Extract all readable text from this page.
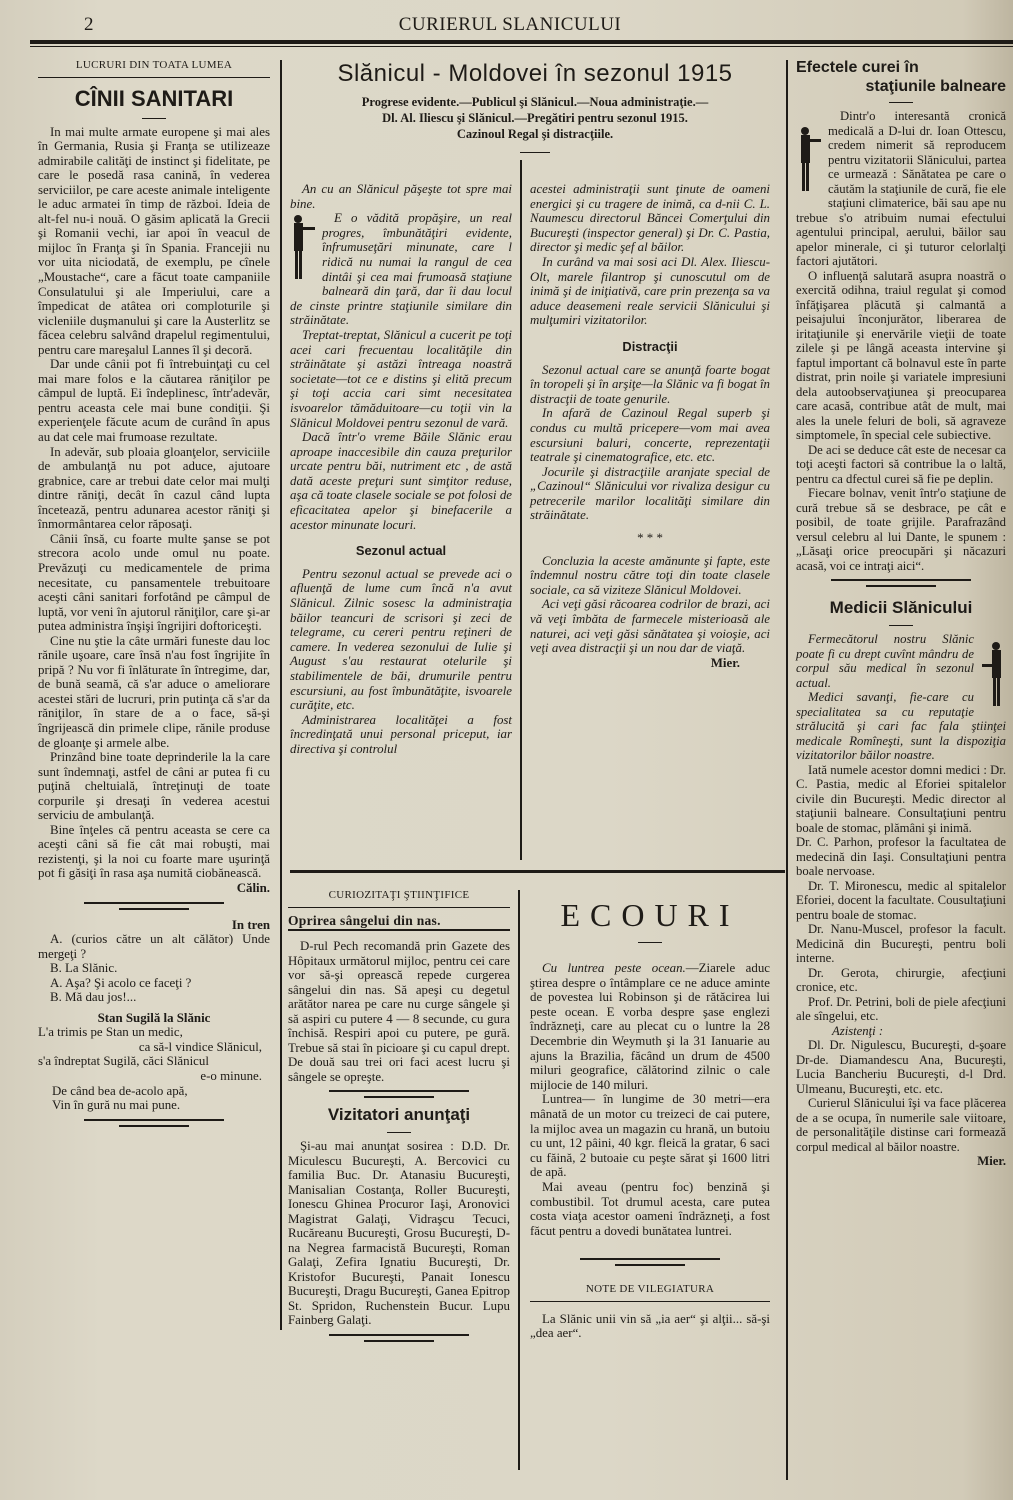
2	CURIERUL SLANICULUI
LUCRURI DIN TOATA LUMEA
CÎNII SANITARI

In mai multe armate europene şi mai ales în Germania, Rusia şi Franţa se utilizeaze admirabile calităţi de instinct şi fidelitate, pe care le posedă rasa canină, în vederea serviciilor, pe care aceste animale inteligente le aduc armatei în timp de război. Ideia de alt-fel nu-i nouă. O găsim aplicată la Grecii şi Romanii vechi, iar apoi în veacul de mijloc în Franţa şi în Spania. Francejii nu vor uita niciodată, de exemplu, pe cînele „Moustache“, care a făcut toate campaniile Consulatului şi ale Imperiului, care a împedicat de atâtea ori comploturile şi vicleniile duşmanului şi care la Austerlitz se făcea celebru salvând drapelul regimentului, pentru care mareşalul Lannes îl şi decoră.

Dar unde cânii pot fi întrebuinţaţi cu cel mai mare folos e la căutarea răniţilor pe câmpul de luptă. Ei îndeplinesc, într'adevăr, pentru aceasta cele mai bune condiţii. Şi experienţele făcute acum de curând în apus au dat cele mai frumoase rezultate.

In adevăr, sub ploaia gloanţelor, serviciile de ambulanţă nu pot aduce, ajutoare grabnice, care ar trebui date celor mai mulţi dintre răniţi, decât în cazul când lupta încetează, pentru adunarea acestor răniţi şi înmormântarea celor răposaţi.

Cânii însă, cu foarte multe şanse se pot strecora acolo unde omul nu poate. Prevăzuţi cu medicamentele de prima necesitate, cu pansamentele trebuitoare aceşti câni sanitari forfotând pe câmpul de luptă, vor veni în ajutorul răniţilor, care şi-ar putea administra înşişi îngrijiri doftoriceşti.

Cine nu ştie la câte urmări funeste dau loc rănile uşoare, care însă n'au fost îngrijite în pripă ? Nu vor fi înlăturate în întregime, dar, de bună seamă, că s'ar aduce o ameliorare acestei stări de lucruri, prin putinţa că s'ar da răniţilor, în stare de a o face, să-şi îngrijească din primele clipe, rănile produse de gloanţe şi armele albe.

Prinzând bine toate deprinderile la la care sunt îndemnaţi, astfel de câni ar putea fi cu puţină cheltuială, întreţinuţi de toate corpurile şi dresaţi în vederea acestui serviciu de ambulanţă.

Bine înţeles că pentru aceasta se cere ca aceşti câni să fie cât mai robuşti, mai rezistenţi, şi la noi cu foarte mare uşurinţă pot fi găsiţi în rasa aşa numită ciobănească.

Călin.
In tren

A. (curios către un alt călător) Unde mergeţi ?

B. La Slănic.

A. Aşa? Şi acolo ce faceţi ?

B. Mă dau jos!...

Stan Sugilă la Slănic
L'a trimis pe Stan un medic,
ca să-l vindice Slănicul,
s'a îndreptat Sugilă, căci Slănicul
e-o minune.
De când bea de-acolo apă,
Vin în gură nu mai pune.
Slănicul - Moldovei în sezonul 1915
Progrese evidente.—Publicul şi Slănicul.—Noua administraţie.—
Dl. Al. Iliescu şi Slănicul.—Pregătiri pentru sezonul 1915.
Cazinoul Regal şi distracţiile.

An cu an Slănicul păşeşte tot spre mai bine.

E o vădită propăşire, un real progres, îmbunătăţiri evidente, înfrumuseţări minunate, care l ridică nu numai la rangul de cea dintâi şi cea mai frumoasă staţiune balneară din ţară, dar îi dau locul de cinste printre staţiunile similare din străinătate.

Treptat-treptat, Slănicul a cucerit pe toţi acei cari frecuentau localităţile din străinătate şi astăzi întreaga noastră societate—tot ce e distins şi elită precum şi toţi accia cari simt necesitatea isvoarelor tămăduitoare—cu toţii vin la Slănicul Moldovei pentru sezonul de vară.

Dacă într'o vreme Băile Slănic erau aproape inaccesibile din cauza preţurilor urcate pentru băi, nutriment etc , de astă dată aceste preţuri sunt simţitor reduse, aşa că toate clasele sociale se pot folosi de eficacitatea apelor şi binefacerile a acestor minunate locuri.

Sezonul actual

Pentru sezonul actual se prevede aci o afluenţă de lume cum încă n'a avut Slănicul. Zilnic sosesc la administraţia băilor teancuri de scrisori şi zeci de telegrame, cu cereri pentru reţineri de camere. In vederea sezonului de Iulie şi August s'au restaurat otelurile şi stabilimentele de băi, drumurile pentru escursiuni, au fost îmbunătăţite, isvoarele curăţite, etc.

Administrarea localităţei a fost încredinţată unui personal priceput, iar directiva şi controlul

acestei administraţii sunt ţinute de oameni energici şi cu tragere de inimă, ca d-nii C. L. Naumescu directorul Băncei Comerţului din Bucureşti (inspector general) şi Dr. C. Pastia, director şi medic şef al băilor.

In curând va mai sosi aci Dl. Alex. Iliescu-Olt, marele filantrop şi cunoscutul om de inimă şi de iniţiativă, care prin prezenţa sa va aduce deasemeni reale servicii Slănicului şi mulţumiri vizitatorilor.

Distracţii

Sezonul actual care se anunţă foarte bogat în toropeli şi în arşiţe—la Slănic va fi bogat în distracţii de toate genurile.

In afară de Cazinoul Regal superb şi condus cu multă pricepere—vom mai avea escursiuni baluri, concerte, reprezentaţii teatrale şi cinematografice, etc. etc.

Jocurile şi distracţiile aranjate special de „Cazinoul“ Slănicului vor rivaliza desigur cu petrecerile marilor localităţi similare din străinătate.

* * *

Concluzia la aceste amănunte şi fapte, este îndemnul nostru către toţi din toate clasele sociale, ca să viziteze Slănicul Moldovei.

Aci veţi găsi răcoarea codrilor de brazi, aci vă veţi îmbăta de farmecele misterioasă ale naturei, aci veţi găsi sănătatea şi voioşie, aci veţi avea distracţii şi un nou dar de viaţă.

Mier.
CURIOZITAŢI ŞTIINŢIFICE
Oprirea sângelui din nas.

D-rul Pech recomandă prin Gazete des Hôpitaux următorul mijloc, pentru cei care vor să-şi oprească repede curgerea sângelui din nas. Să apeşi cu degetul arătător narea pe care nu curge sângele şi să aspiri cu putere 4 — 8 secunde, cu gura închisă. Respiri apoi cu putere, pe gură. Trebue să stai în picioare şi cu capul drept. De două sau trei ori faci acest lucru şi sângele se opreşte.

Vizitatori anunţaţi

Şi-au mai anunţat sosirea : D.D. Dr. Miculescu Bucureşti, A. Bercovici cu familia Buc. Dr. Atanasiu Bucureşti, Manisalian Costanţa, Roller Bucureşti, Ionescu Ghinea Procuror Iaşi, Aronovici Magistrat Galaţi, Vidraşcu Tecuci, Rucăreanu Bucureşti, Grosu Bucureşti, D-na Negrea farmacistă Bucureşti, Roman Galaţi, Zefira Ignatiu Bucureşti, Dr. Kristofor Bucureşti, Panait Ionescu Bucureşti, Dragu Bucureşti, Ganea Epitrop St. Spridon, Ruchenstein Bucur. Lupu Fainberg Galaţi.

ECOURI

Cu luntrea peste ocean.—Ziarele aduc ştirea despre o întâmplare ce ne aduce aminte de povestea lui Robinson şi de rătăcirea lui peste ocean. E vorba despre şase englezi îndrăzneţi, care au plecat cu o luntre la 28 Decembrie din Weymuth şi la 31 Ianuarie au ajuns la Brazilia, făcând un drum de 4500 miluri geografice, călătorind zilnic o cale mijlocie de 140 miluri.

Luntrea— în lungime de 30 metri—era mânată de un motor cu treizeci de cai putere, la mijloc avea un magazin cu hrană, un butoiu cu unt, 12 pâini, 40 kgr. fleică la gratar, 6 saci cu făină, 2 butoaie cu peşte sărat şi 1600 litri de apă.

Mai aveau (pentru foc) benzină şi combustibil. Tot drumul acesta, care putea costa viaţa acestor oameni îndrăzneţi, a fost făcut pentru a dovedi bunătatea luntrei.

NOTE DE VILEGIATURA

La Slănic unii vin să „ia aer“ şi alţii... să-şi „dea aer“.

Efectele curei în
staţiunile balneare

Dintr'o interesantă cronică medicală a D-lui dr. Ioan Ottescu, credem nimerit să reproducem pentru vizitatorii Slănicului, partea ce urmează : Sănătatea pe care o căutăm la staţiunile de cură, fie ele staţiuni climaterice, băi sau ape nu trebue s'o atribuim numai efectului agentului principal, aerului, băilor sau apelor minerale, ci şi tuturor celorlalţi factori ajutători.

O influenţă salutară asupra noastră o exercită odihna, traiul regulat şi comod înfăţişarea plăcută şi calmantă a peisajului înconjurător, liberarea de iritaţiunile şi enervările vieţii de toate zilele şi pe lângă aceasta intervine şi faptul important că bolnavul este în parte distrat, prin noile şi variatele impresiuni dela autoobservaţiunea şi preocuparea care acasă, contribue atât de mult, mai ales la unele feluri de boli, să agraveze simptomele, în special cele subiective.

De aci se deduce cât este de necesar ca toţi aceşti factori să contribue la o laltă, pentru ca dfectul curei să fie pe deplin.

Fiecare bolnav, venit într'o staţiune de cură trebue să se desbrace, pe cât e posibil, de toate grijile. Parafrazând versul celebru al lui Dante, le spunem : „Lăsaţi orice preocupări şi năcazuri acasă, voi ce intraţi aici“.

Medicii Slănicului

Fermecătorul nostru Slănic poate fi cu drept cuvînt mândru de corpul său medical în sezonul actual.

Medici savanţi, fie-care cu specialitatea sa cu reputaţie strălucită şi cari fac fala ştiinţei medicale Romîneşti, sunt la dispoziţia vizitatorilor băilor noastre.

Iată numele acestor domni medici : Dr. C. Pastia, medic al Eforiei spitalelor civile din Bucureşti. Medic director al staţiunii balneare. Consultaţiuni pentru boale de stomac, plămâni şi inimă.

Dr. C. Parhon, profesor la facultatea de medecină din Iaşi. Consultaţiuni pentra boale nervoase.

Dr. T. Mironescu, medic al spitalelor Eforiei, docent la facultate. Cousultaţiuni pentru boale de stomac.

Dr. Nanu-Muscel, profesor la facult. Medicină din Bucureşti, pentru boli interne.

Dr. Gerota, chirurgie, afecţiuni cronice, etc.

Prof. Dr. Petrini, boli de piele afecţiuni ale sîngelui, etc.

Azistenţi :

Dl. Dr. Nigulescu, Bucureşti, d-şoare Dr-de. Diamandescu Ana, Bucureşti, Lucia Bancheriu Bucureşti, d-l Drd. Ulmeanu, Bucureşti, etc. etc.

Curierul Slănicului îşi va face plăcerea de a se ocupa, în numerile sale viitoare, de personalităţile distinse cari formează corpul medical al băilor noastre.

Mier.
